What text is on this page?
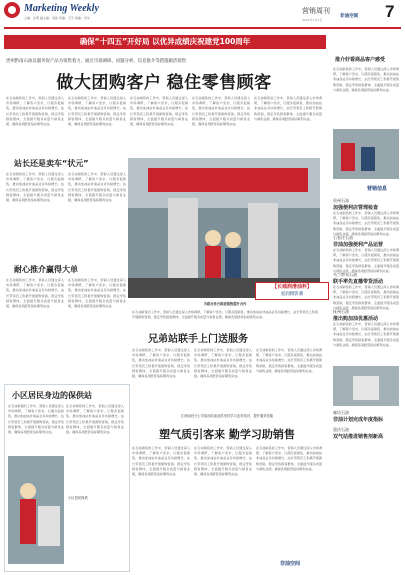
Marketing Weekly
主编：张明 副主编：刘伟 责编：王芳 美编：李华
营销周刊
非油空间
2021年7月1日	7
确保“十四五”开好局 以优异成绩庆祝建党100周年
贵州黔南石油以服务促产品为销售着力，通过市场调研、问题分析，信息推介等措施做活销售
做大团购客户 稳住零售顾客
在石油销售的工作中，营销人员通过深入市场调研，了解客户需求，以服务促销售，推动加油站非油品业务持续增长。站长带领员工积极开展团购营销，稳定零售顾客群体，全面提升服务质量与销售业绩，确保各项经营指标顺利完成。
在石油销售的工作中，营销人员通过深入市场调研，了解客户需求，以服务促销售，推动加油站非油品业务持续增长。站长带领员工积极开展团购营销，稳定零售顾客群体，全面提升服务质量与销售业绩，确保各项经营指标顺利完成。
在石油销售的工作中，营销人员通过深入市场调研，了解客户需求，以服务促销售，推动加油站非油品业务持续增长。站长带领员工积极开展团购营销，稳定零售顾客群体，全面提升服务质量与销售业绩，确保各项经营指标顺利完成。
在石油销售的工作中，营销人员通过深入市场调研，了解客户需求，以服务促销售，推动加油站非油品业务持续增长。站长带领员工积极开展团购营销，稳定零售顾客群体，全面提升服务质量与销售业绩，确保各项经营指标顺利完成。
在石油销售的工作中，营销人员通过深入市场调研，了解客户需求，以服务促销售，推动加油站非油品业务持续增长。站长带领员工积极开展团购营销，稳定零售顾客群体，全面提升服务质量与销售业绩，确保各项经营指标顺利完成。
站长还是卖车“状元”
在石油销售的工作中，营销人员通过深入市场调研，了解客户需求，以服务促销售，推动加油站非油品业务持续增长。站长带领员工积极开展团购营销，稳定零售顾客群体，全面提升服务质量与销售业绩，确保各项经营指标顺利完成。
在石油销售的工作中，营销人员通过深入市场调研，了解客户需求，以服务促销售，推动加油站非油品业务持续增长。站长带领员工积极开展团购营销，稳定零售顾客群体，全面提升服务质量与销售业绩，确保各项经营指标顺利完成。
为联合各方推进销售提升合作
在石油销售的工作中，营销人员通过深入市场调研，了解客户需求，以服务促销售，推动加油站非油品业务持续增长。站长带领员工积极开展团购营销，稳定零售顾客群体，全面提升服务质量与销售业绩，确保各项经营指标顺利完成。
【长城润滑油杯】
爱润摄影赛
耐心推介赢得大单
在石油销售的工作中，营销人员通过深入市场调研，了解客户需求，以服务促销售，推动加油站非油品业务持续增长。站长带领员工积极开展团购营销，稳定零售顾客群体，全面提升服务质量与销售业绩，确保各项经营指标顺利完成。
在石油销售的工作中，营销人员通过深入市场调研，了解客户需求，以服务促销售，推动加油站非油品业务持续增长。站长带领员工积极开展团购营销，稳定零售顾客群体，全面提升服务质量与销售业绩，确保各项经营指标顺利完成。
兄弟站联手上门送服务
在石油销售的工作中，营销人员通过深入市场调研，了解客户需求，以服务促销售，推动加油站非油品业务持续增长。站长带领员工积极开展团购营销，稳定零售顾客群体，全面提升服务质量与销售业绩，确保各项经营指标顺利完成。
在石油销售的工作中，营销人员通过深入市场调研，了解客户需求，以服务促销售，推动加油站非油品业务持续增长。站长带领员工积极开展团购营销，稳定零售顾客群体，全面提升服务质量与销售业绩，确保各项经营指标顺利完成。
在石油销售的工作中，营销人员通过深入市场调研，了解客户需求，以服务促销售，推动加油站非油品业务持续增长。站长带领员工积极开展团购营销，稳定零售顾客群体，全面提升服务质量与销售业绩，确保各项经营指标顺利完成。
小区居民身边的保供站
在石油销售的工作中，营销人员通过深入市场调研，了解客户需求，以服务促销售，推动加油站非油品业务持续增长。站长带领员工积极开展团购营销，稳定零售顾客群体，全面提升服务质量与销售业绩，确保各项经营指标顺利完成。
在石油销售的工作中，营销人员通过深入市场调研，了解客户需求，以服务促销售，推动加油站非油品业务持续增长。站长带领员工积极开展团购营销，稳定零售顾客群体，全面提升服务质量与销售业绩，确保各项经营指标顺利完成。
小区居民保供
江西南昌分公司加油站加油员坚持学习业务知识，提升服务技能
塑气质引客来 勤学习助销售
在石油销售的工作中，营销人员通过深入市场调研，了解客户需求，以服务促销售，推动加油站非油品业务持续增长。站长带领员工积极开展团购营销，稳定零售顾客群体，全面提升服务质量与销售业绩，确保各项经营指标顺利完成。
在石油销售的工作中，营销人员通过深入市场调研，了解客户需求，以服务促销售，推动加油站非油品业务持续增长。站长带领员工积极开展团购营销，稳定零售顾客群体，全面提升服务质量与销售业绩，确保各项经营指标顺利完成。
在石油销售的工作中，营销人员通过深入市场调研，了解客户需求，以服务促销售，推动加油站非油品业务持续增长。站长带领员工积极开展团购营销，稳定零售顾客群体，全面提升服务质量与销售业绩，确保各项经营指标顺利完成。
推介好看商品客户感受
在石油销售的工作中，营销人员通过深入市场调研，了解客户需求，以服务促销售，推动加油站非油品业务持续增长。站长带领员工积极开展团购营销，稳定零售顾客群体，全面提升服务质量与销售业绩，确保各项经营指标顺利完成。
营销信息
贵州石油
加强便利店管理检查
在石油销售的工作中，营销人员通过深入市场调研，了解客户需求，以服务促销售，推动加油站非油品业务持续增长。站长带领员工积极开展团购营销，稳定零售顾客群体，全面提升服务质量与销售业绩，确保各项经营指标顺利完成。
石家庄石油
非油加强便利产品运营
在石油销售的工作中，营销人员通过深入市场调研，了解客户需求，以服务促销售，推动加油站非油品业务持续增长。站长带领员工积极开展团购营销，稳定零售顾客群体，全面提升服务质量与销售业绩，确保各项经营指标顺利完成。
乌兰察布石油
联手率先直播带货活动
在石油销售的工作中，营销人员通过深入市场调研，了解客户需求，以服务促销售，推动加油站非油品业务持续增长。站长带领员工积极开展团购营销，稳定零售顾客群体，全面提升服务质量与销售业绩，确保各项经营指标顺利完成。
抚州石油
推出购加油优惠活动
在石油销售的工作中，营销人员通过深入市场调研，了解客户需求，以服务促销售，推动加油站非油品业务持续增长。站长带领员工积极开展团购营销，稳定零售顾客群体，全面提升服务质量与销售业绩，确保各项经营指标顺利完成。
廊坊石油
非油计划完成年度指标
重庆石油
双气站推进销售剂新高
非油空间
